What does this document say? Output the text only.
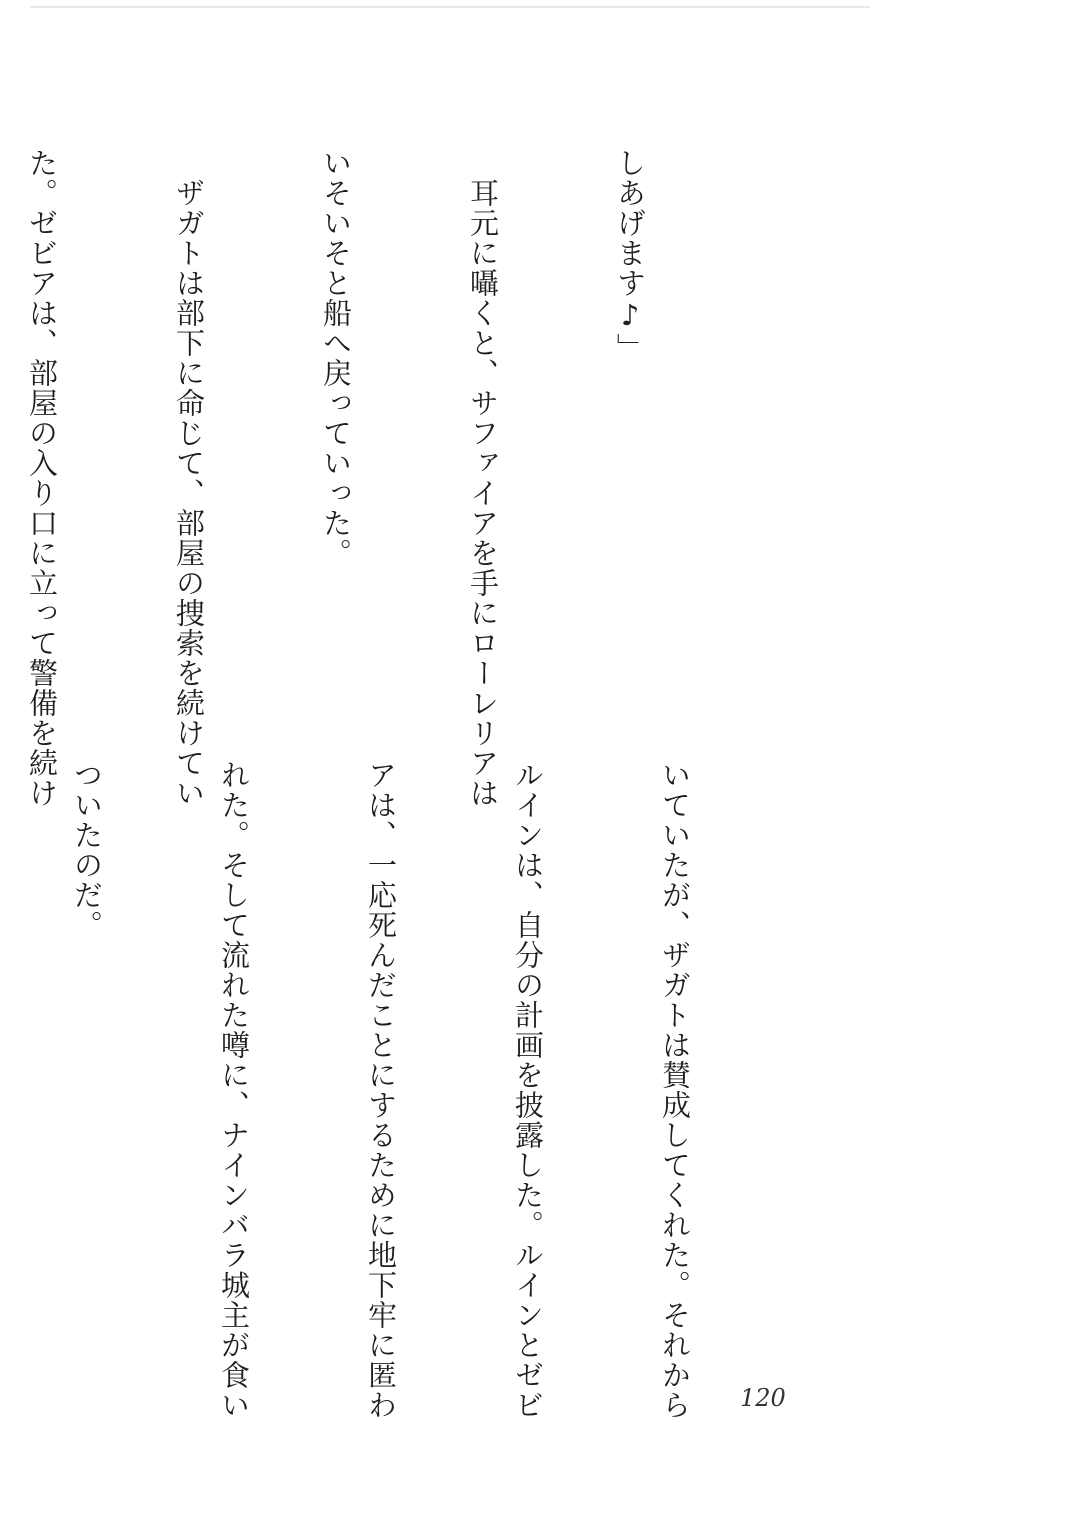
しあげます♪」

　耳元に囁くと、サファイアを手にローレリアは

いそいそと船へ戻っていった。

　ザガトは部下に命じて、部屋の捜索を続けてい

た。ゼビアは、部屋の入り口に立って警備を続け

いていたが、ザガトは賛成してくれた。それから

ルインは、自分の計画を披露した。ルインとゼビ

アは、一応死んだことにするために地下牢に匿わ

れた。そして流れた噂に、ナインバラ城主が食い

ついたのだ。

120
